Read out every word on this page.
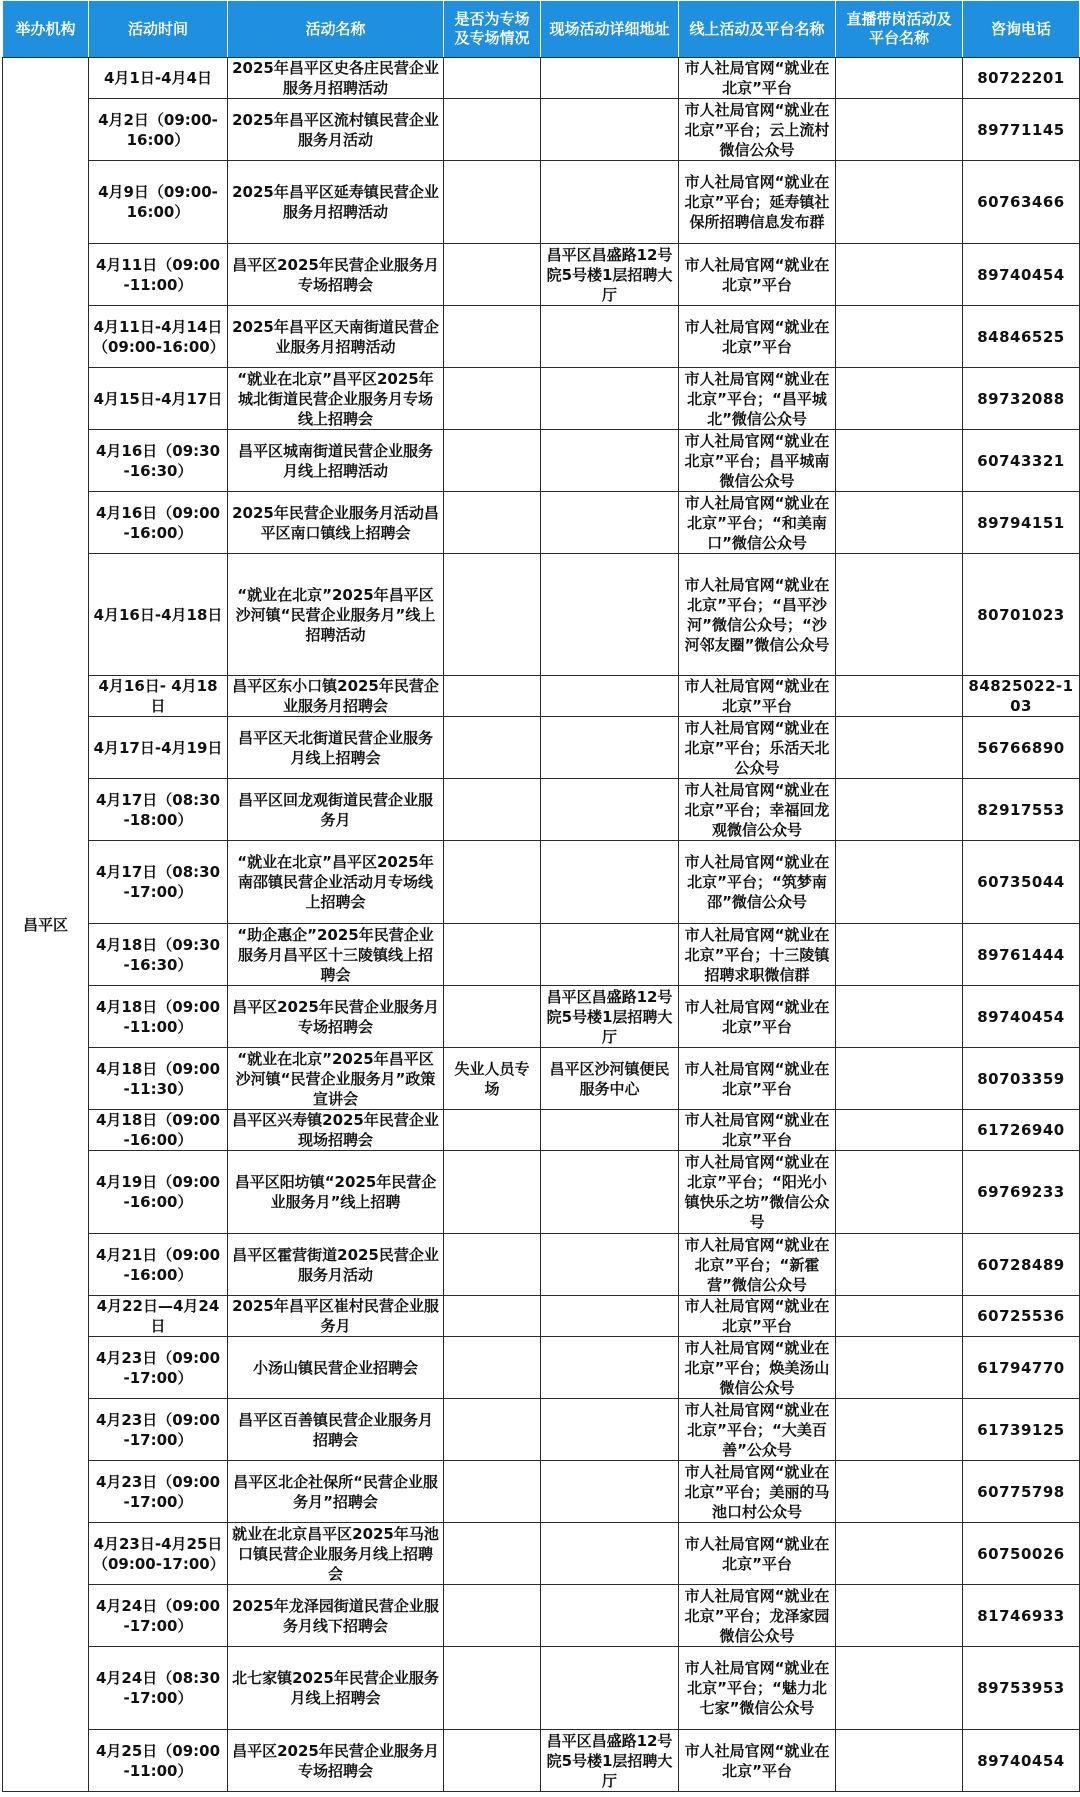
举办机构	活动时间	活动名称	是否为专场及专场情况	现场活动详细地址	线上活动及平台名称	直播带岗活动及平台名称	咨询电话
昌平区	4月1日-4月4日	2025年昌平区史各庄民营企业服务月招聘活动			市人社局官网“就业在北京”平台		80722201
	4月2日（09:00-16:00）	2025年昌平区流村镇民营企业服务月活动			市人社局官网“就业在北京”平台；云上流村微信公众号		89771145
	4月9日（09:00-16:00）	2025年昌平区延寿镇民营企业服务月招聘活动			市人社局官网“就业在北京”平台；延寿镇社保所招聘信息发布群		60763466
	4月11日（09:00-11:00）	昌平区2025年民营企业服务月专场招聘会		昌平区昌盛路12号院5号楼1层招聘大厅	市人社局官网“就业在北京”平台		89740454
	4月11日-4月14日（09:00-16:00）	2025年昌平区天南街道民营企业服务月招聘活动			市人社局官网“就业在北京”平台		84846525
	4月15日-4月17日	“就业在北京”昌平区2025年城北街道民营企业服务月专场线上招聘会			市人社局官网“就业在北京”平台；“昌平城北”微信公众号		89732088
	4月16日（09:30-16:30）	昌平区城南街道民营企业服务月线上招聘活动			市人社局官网“就业在北京”平台；昌平城南微信公众号		60743321
	4月16日（09:00-16:00）	2025年民营企业服务月活动昌平区南口镇线上招聘会			市人社局官网“就业在北京”平台；“和美南口”微信公众号		89794151
	4月16日-4月18日	“就业在北京”2025年昌平区沙河镇“民营企业服务月”线上招聘活动			市人社局官网“就业在北京”平台；“昌平沙河”微信公众号；“沙河邻友圈”微信公众号		80701023
	4月16日- 4月18日	昌平区东小口镇2025年民营企业服务月招聘会			市人社局官网“就业在北京”平台		84825022-103
	4月17日-4月19日	昌平区天北街道民营企业服务月线上招聘会			市人社局官网“就业在北京”平台；乐活天北公众号		56766890
	4月17日（08:30-18:00）	昌平区回龙观街道民营企业服务月			市人社局官网“就业在北京”平台；幸福回龙观微信公众号		82917553
	4月17日（08:30-17:00）	“就业在北京”昌平区2025年南邵镇民营企业活动月专场线上招聘会			市人社局官网“就业在北京”平台；“筑梦南邵”微信公众号		60735044
	4月18日（09:30-16:30）	“助企惠企”2025年民营企业服务月昌平区十三陵镇线上招聘会			市人社局官网“就业在北京”平台；十三陵镇招聘求职微信群		89761444
	4月18日（09:00-11:00）	昌平区2025年民营企业服务月专场招聘会		昌平区昌盛路12号院5号楼1层招聘大厅	市人社局官网“就业在北京”平台		89740454
	4月18日（09:00-11:30）	“就业在北京”2025年昌平区沙河镇“民营企业服务月”政策宣讲会	失业人员专场	昌平区沙河镇便民服务中心	市人社局官网“就业在北京”平台		80703359
	4月18日（09:00-16:00）	昌平区兴寿镇2025年民营企业现场招聘会			市人社局官网“就业在北京”平台		61726940
	4月19日（09:00-16:00）	昌平区阳坊镇“2025年民营企业服务月”线上招聘			市人社局官网“就业在北京”平台；“阳光小镇快乐之坊”微信公众号		69769233
	4月21日（09:00-16:00）	昌平区霍营街道2025民营企业服务月活动			市人社局官网“就业在北京”平台；“新霍营”微信公众号		60728489
	4月22日—4月24日	2025年昌平区崔村民营企业服务月			市人社局官网“就业在北京”平台		60725536
	4月23日（09:00-17:00）	小汤山镇民营企业招聘会			市人社局官网“就业在北京”平台；焕美汤山微信公众号		61794770
	4月23日（09:00-17:00）	昌平区百善镇民营企业服务月招聘会			市人社局官网“就业在北京”平台；“大美百善”公众号		61739125
	4月23日（09:00-17:00）	昌平区北企社保所“民营企业服务月”招聘会			市人社局官网“就业在北京”平台；美丽的马池口村公众号		60775798
	4月23日-4月25日（09:00-17:00）	就业在北京昌平区2025年马池口镇民营企业服务月线上招聘会			市人社局官网“就业在北京”平台		60750026
	4月24日（09:00-17:00）	2025年龙泽园街道民营企业服务月线下招聘会			市人社局官网“就业在北京”平台；龙泽家园微信公众号		81746933
	4月24日（08:30-17:00）	北七家镇2025年民营企业服务月线上招聘会			市人社局官网“就业在北京”平台；“魅力北七家”微信公众号		89753953
	4月25日（09:00-11:00）	昌平区2025年民营企业服务月专场招聘会		昌平区昌盛路12号院5号楼1层招聘大厅	市人社局官网“就业在北京”平台		89740454
